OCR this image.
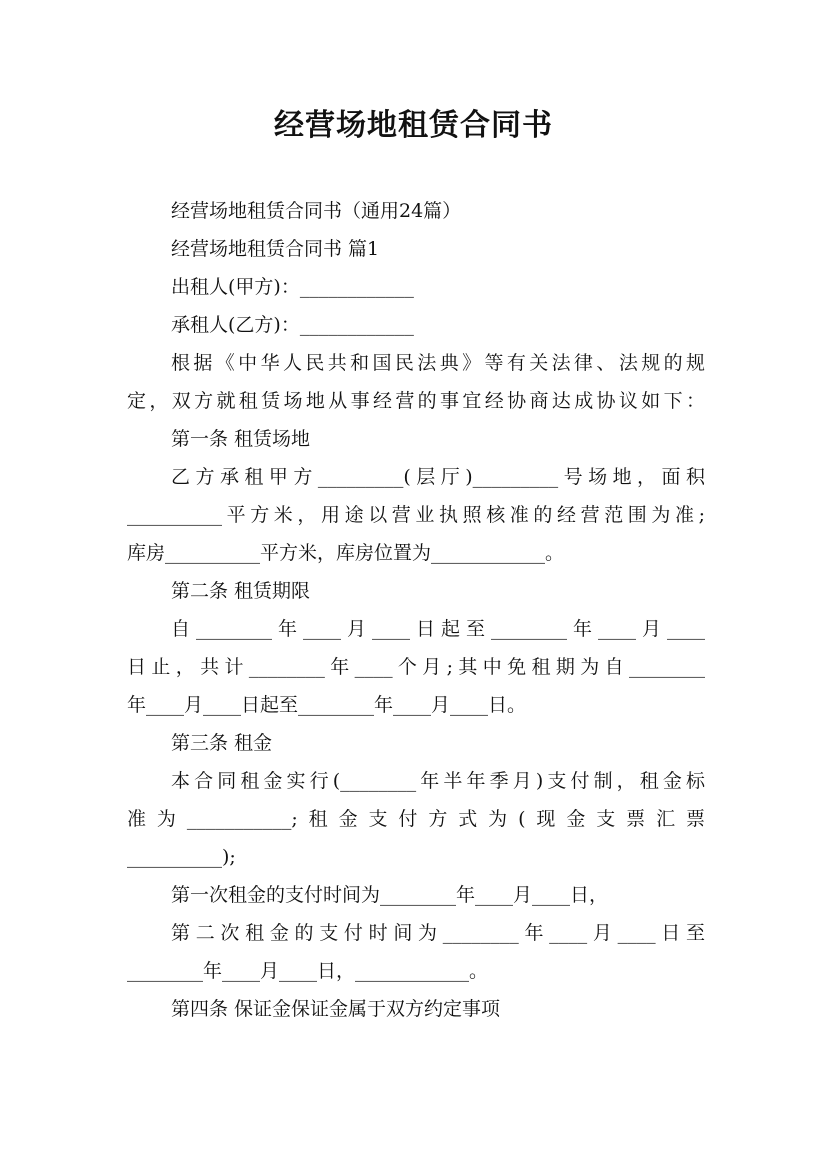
经营场地租赁合同书
经营场地租赁合同书（通用24篇）
经营场地租赁合同书 篇1
出租人(甲方)：____________
承租人(乙方)：____________
根据《中华人民共和国民法典》等有关法律、法规的规
定，双方就租赁场地从事经营的事宜经协商达成协议如下：
第一条 租赁场地
乙方承租甲方_________(层厅)_________号场地，面积
__________平方米，用途以营业执照核准的经营范围为准;
库房__________平方米，库房位置为____________。
第二条 租赁期限
自________年____月____日起至________年____月____
日止，共计________年____个月;其中免租期为自________
年____月____日起至________年____月____日。
第三条 租金
本合同租金实行(________年半年季月)支付制，租金标
准为___________;租金支付方式为(现金支票汇票
__________);
第一次租金的支付时间为________年____月____日，
第二次租金的支付时间为________年____月____日至
________年____月____日，____________。
第四条 保证金保证金属于双方约定事项
